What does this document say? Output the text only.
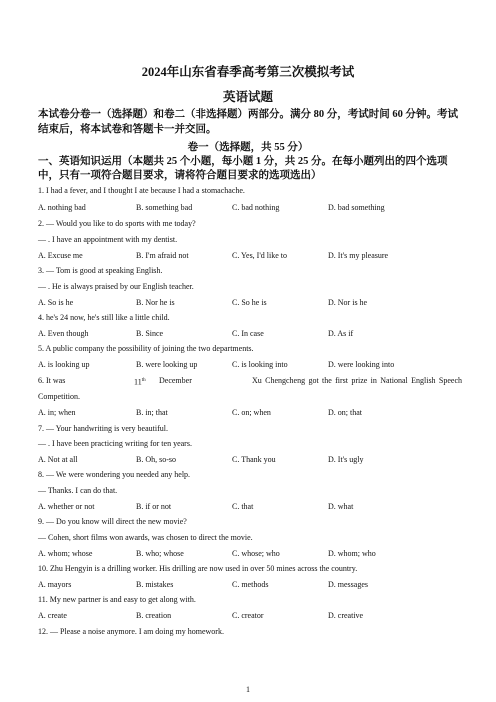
2024年山东省春季高考第三次模拟考试
英语试题
本试卷分卷一（选择题）和卷二（非选择题）两部分。满分 80 分，考试时间 60 分钟。考试结束后，将本试卷和答题卡一并交回。
卷一（选择题，共 55 分）
一、英语知识运用（本题共 25 个小题，每小题 1 分，共 25 分。在每小题列出的四个选项中，只有一项符合题目要求，请将符合题目要求的选项选出）
1. I had a fever, and I thought I ate because I had a stomachache.
A. nothing bad	B. something bad	C. bad nothing	D. bad something
2. — Would you like to do sports with me today?
— . I have an appointment with my dentist.
A. Excuse me	B. I'm afraid not	C. Yes, I'd like to	D. It's my pleasure
3. — Tom is good at speaking English.
— . He is always praised by our English teacher.
A. So is he	B. Nor he is	C. So he is	D. Nor is he
4. he's 24 now, he's still like a little child.
A. Even though	B. Since	C. In case	D. As if
5. A public company the possibility of joining the two departments.
A. is looking up	B. were looking up	C. is looking into	D. were looking into
6. It was	11th December	Xu Chengcheng got the first prize in National English Speech
Competition.
A. in; when	B. in; that	C. on; when	D. on; that
7. — Your handwriting is very beautiful.
— . I have been practicing writing for ten years.
A. Not at all	B. Oh, so-so	C. Thank you	D. It's ugly
8. — We were wondering you needed any help.
— Thanks. I can do that.
A. whether or not	B. if or not	C. that	D. what
9. — Do you know will direct the new movie?
— Cohen, short films won awards, was chosen to direct the movie.
A. whom; whose	B. who; whose	C. whose; who	D. whom; who
10. Zhu Hengyin is a drilling worker. His drilling are now used in over 50 mines across the country.
A. mayors	B. mistakes	C. methods	D. messages
11. My new partner is and easy to get along with.
A. create	B. creation	C. creator	D. creative
12. — Please a noise anymore. I am doing my homework.
1
